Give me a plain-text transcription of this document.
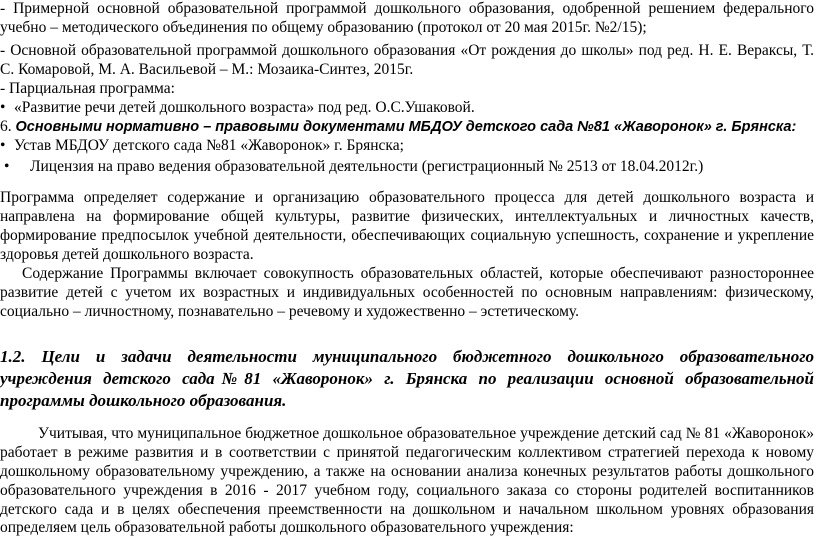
- Примерной основной образовательной программой дошкольного образования, одобренной решением федерального

учебно – методического объединения по общему образованию (протокол от 20 мая 2015г. №2/15);

- Основной образовательной программой дошкольного образования «От рождения до школы» под ред. Н. Е. Вераксы, Т.

С. Комаровой, М. А. Васильевой – М.: Мозаика-Синтез, 2015г.

- Парциальная программа:

• «Развитие речи детей дошкольного возраста» под ред. О.С.Ушаковой.

6. Основными нормативно – правовыми документами МБДОУ детского сада №81 «Жаворонок» г. Брянска:

• Устав МБДОУ детского сада №81 «Жаворонок» г. Брянска;

• Лицензия на право ведения образовательной деятельности (регистрационный № 2513 от 18.04.2012г.)

Программа определяет содержание и организацию образовательного процесса для детей дошкольного возраста и

направлена на формирование общей культуры, развитие физических, интеллектуальных и личностных качеств,

формирование предпосылок учебной деятельности, обеспечивающих социальную успешность, сохранение и укрепление

здоровья детей дошкольного возраста.

Содержание Программы включает совокупность образовательных областей, которые обеспечивают разностороннее

развитие детей с учетом их возрастных и индивидуальных особенностей по основным направлениям: физическому,

социально – личностному, познавательно – речевому и художественно – эстетическому.

1.2. Цели и задачи деятельности муниципального бюджетного дошкольного образовательного

учреждения детского сада№81 «Жаворонок» г. Брянска по реализации основной образовательной

программы дошкольного образования.

Учитывая, что муниципальное бюджетное дошкольное образовательное учреждение детский сад № 81 «Жаворонок»

работает в режиме развития и в соответствии с принятой педагогическим коллективом стратегией перехода к новому

дошкольному образовательному учреждению, а также на основании анализа конечных результатов работы дошкольного

образовательного учреждения в 2016 - 2017 учебном году, социального заказа со стороны родителей воспитанников

детского сада и в целях обеспечения преемственности на дошкольном и начальном школьном уровнях образования

определяем цель образовательной работы дошкольного образовательного учреждения:
